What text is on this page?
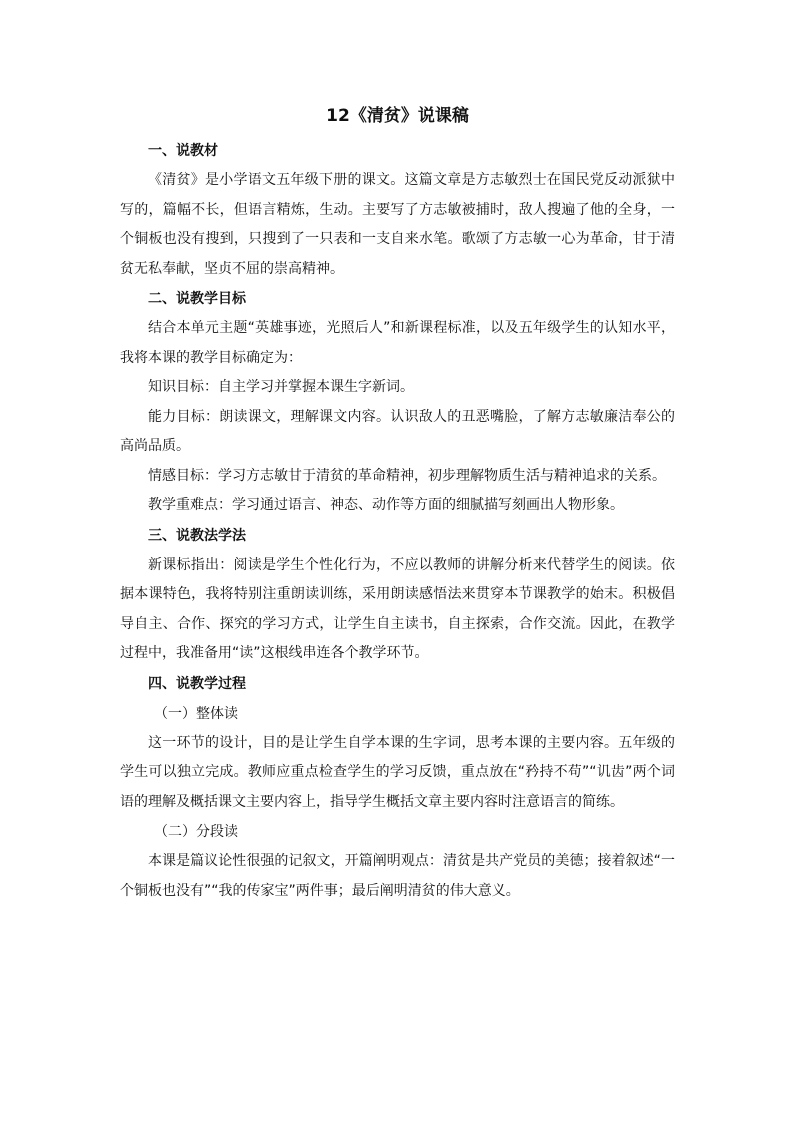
12《清贫》说课稿

一、说教材

《清贫》是小学语文五年级下册的课文。这篇文章是方志敏烈士在国民党反动派狱中写的，篇幅不长，但语言精炼，生动。主要写了方志敏被捕时，敌人搜遍了他的全身，一个铜板也没有搜到，只搜到了一只表和一支自来水笔。歌颂了方志敏一心为革命，甘于清贫无私奉献，坚贞不屈的崇高精神。

二、说教学目标

结合本单元主题“英雄事迹，光照后人”和新课程标准，以及五年级学生的认知水平，我将本课的教学目标确定为：

知识目标：自主学习并掌握本课生字新词。

能力目标：朗读课文，理解课文内容。认识敌人的丑恶嘴脸，了解方志敏廉洁奉公的高尚品质。

情感目标：学习方志敏甘于清贫的革命精神，初步理解物质生活与精神追求的关系。

教学重难点：学习通过语言、神态、动作等方面的细腻描写刻画出人物形象。

三、说教法学法

新课标指出：阅读是学生个性化行为，不应以教师的讲解分析来代替学生的阅读。依据本课特色，我将特别注重朗读训练，采用朗读感悟法来贯穿本节课教学的始末。积极倡导自主、合作、探究的学习方式，让学生自主读书，自主探索，合作交流。因此，在教学过程中，我准备用“读”这根线串连各个教学环节。

四、说教学过程

（一）整体读

这一环节的设计，目的是让学生自学本课的生字词，思考本课的主要内容。五年级的学生可以独立完成。教师应重点检查学生的学习反馈，重点放在“矜持不苟”“讥齿”两个词语的理解及概括课文主要内容上，指导学生概括文章主要内容时注意语言的简练。

（二）分段读

本课是篇议论性很强的记叙文，开篇阐明观点：清贫是共产党员的美德；接着叙述“一个铜板也没有”“我的传家宝”两件事；最后阐明清贫的伟大意义。
